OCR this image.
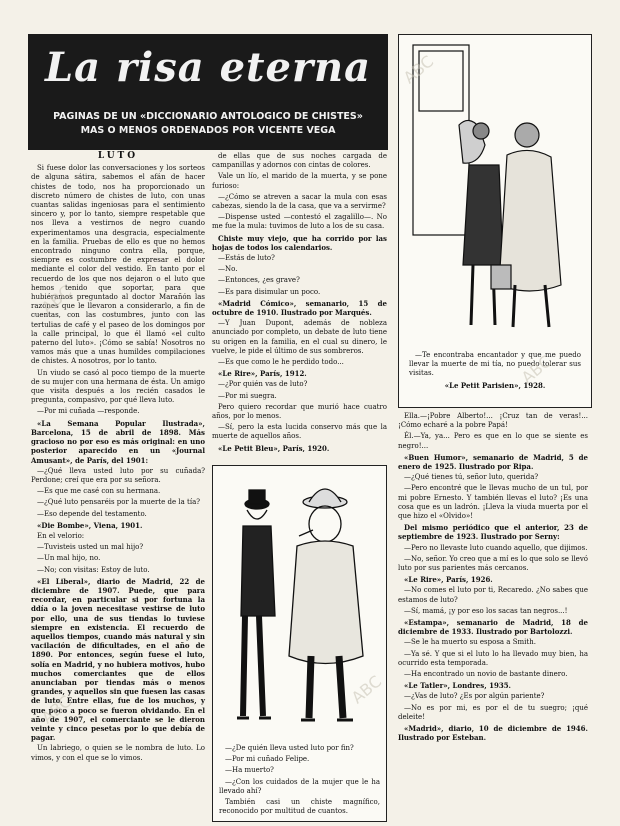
La risa eterna
PAGINAS DE UN «DICCIONARIO ANTOLOGICO DE CHISTES»
MAS O MENOS ORDENADOS POR VICENTE VEGA

LUTO

Si fuese dolor las conversaciones y los sorteos de alguna sátira, sabemos el afán de hacer chistes de todo, nos ha proporcionado un discreto número de chistes de luto, con unas cuantas salidas ingeniosas para el sentimiento sincero y, por lo tanto, siempre respetable que nos lleva a vestirnos de negro cuando experimentamos una desgracia, especialmente en la familia. Pruebas de ello es que no hemos encontrado ninguno contra ella, porque, siempre es costumbre de expresar el dolor mediante el color del vestido. En tanto por el recuerdo de los que nos dejaron o el luto que hemos tenido que soportar, para que hubiéramos preguntado al doctor Marañón las razones que le llevaron a considerarlo, a fin de cuentas, con las costumbres, junto con las tertulias de café y el paseo de los domingos por la calle principal, lo que él llamó «el culto paterno del luto». ¡Cómo se sabía! Nosotros no vamos más que a unas humildes compilaciones de chistes. A nosotros, por lo tanto.

Un viudo se casó al poco tiempo de la muerte de su mujer con una hermana de ésta. Un amigo que visita después a los recién casados le pregunta, compasivo, por qué lleva luto.

—Por mi cuñada —responde.

«La Semana Popular Ilustrada», Barcelona, 15 de abril de 1898. Más gracioso no por eso es más original: en uno posterior aparecido en un «Journal Amusant», de París, del 1901:

—¿Qué lleva usted luto por su cuñada? Perdone; creí que era por su señora.

—Es que me casé con su hermana.

—¿Qué luto pensaréis por la muerte de la tía?

—Eso depende del testamento.

«Die Bombe», Viena, 1901.

En el velorio:

—Tuvisteis usted un mal hijo?

—Un mal hijo, no.

—No; con visitas: Estoy de luto.

«El Liberal», diario de Madrid, 22 de diciembre de 1907. Puede, que para recordar, en particular si por fortuna la ddía o la joven necesitase vestirse de luto por ello, una de sus tiendas lo tuviese siempre en existencia. El recuerdo de aquellos tiempos, cuando más natural y sin vacilación de dificultades, en el año de 1890. Por entonces, según fuese el luto, solía en Madrid, y no hubiera motivos, hubo muchos comerciantes que de ellos anunciaban por tiendas más o menos grandes, y aquellos sin que fuesen las casas de luto. Entre ellas, fue de los muchos, y que poco a poco se fueron olvidando. En el año de 1907, el comerciante se le dieron veinte y cinco pesetas por lo que debía de pagar.

Un labriego, o quien se le nombra de luto. Lo vimos, y con el que se lo vimos.

de ellas que de sus noches cargada de campanillas y adornos con cintas de colores.

Vale un lío, el marido de la muerta, y se pone furioso:

—¿Cómo se atreven a sacar la mula con esas cabezas, siendo la de la casa, que va a servirme?

—Dispense usted —contestó el zagalillo—. No me fue la mula: tuvimos de luto a los de su casa.

Chiste muy viejo, que ha corrido por las hojas de todos los calendarios.

—Estás de luto?

—No.

—Entonces, ¿es grave?

—Es para disimular un poco.

«Madrid Cómico», semanario, 15 de octubre de 1910. Ilustrado por Marqués.

—Y Juan Dupont, además de nobleza anunciado por completo, un debate de luto tiene su origen en la familia, en el cual su dinero, le vuelve, le pide el último de sus sombreros.

—Es que como le he perdido todo...

«Le Rire», París, 1912.

—¿Por quién vas de luto?

—Por mi suegra.

Pero quiero recordar que murió hace cuatro años, por lo menos.

—Sí, pero la esta lucida conservo más que la muerte de aquellos años.

«Le Petit Bleu», París, 1920.

—¿De quién lleva usted luto por fin?

—Por mi cuñado Felipe.

—Ha muerto?

—¿Con los cuidados de la mujer que le ha llevado ahí?

También casi un chiste magnífico, reconocido por multitud de cuantos.

—Te encontraba encantador y que me puedo llevar la muerte de mi tía, no puedo tolerar sus visitas.

«Le Petit Parisien», 1928.

Ella.—¡Pobre Alberto!... ¡Cruz tan de veras!... ¡Cómo echaré a la pobre Papá!

Él.—Ya, ya... Pero es que en lo que se siente es negro!...

«Buen Humor», semanario de Madrid, 5 de enero de 1925. Ilustrado por Ripa.

—¿Qué tienes tú, señor luto, querida?

—Pero encontré que le llevas mucho de un tul, por mi pobre Ernesto. Y también llevas el luto? ¡Es una cosa que es un ladrón. ¡Lleva la viuda muerta por el que hizo el «Olvido»!

Del mismo periódico que el anterior, 23 de septiembre de 1923. Ilustrado por Serny:

—Pero no llevaste luto cuando aquello, que dijimos.

—No, señor. Yo creo que a mí es lo que solo se llevó luto por sus parientes más cercanos.

«Le Rire», París, 1926.

—No comes el luto por ti, Recaredo. ¿No sabes que estamos de luto?

—Sí, mamá, ¡y por eso los sacas tan negros...!

«Estampa», semanario de Madrid, 18 de diciembre de 1933. Ilustrado por Bartolozzi.

—Se le ha muerto su esposa a Smith.

—Ya sé. Y que si el luto lo ha llevado muy bien, ha ocurrido esta temporada.

—Ha encontrado un novio de bastante dinero.

«Le Tatler», Londres, 1935.

—¿Vas de luto? ¿Es por algún pariente?

—No es por mi, es por el de tu suegro; ¡qué deleite!

«Madrid», diario, 10 de diciembre de 1946. Ilustrado por Esteban.

ABC
ABC
ABC
ABC
ABC
